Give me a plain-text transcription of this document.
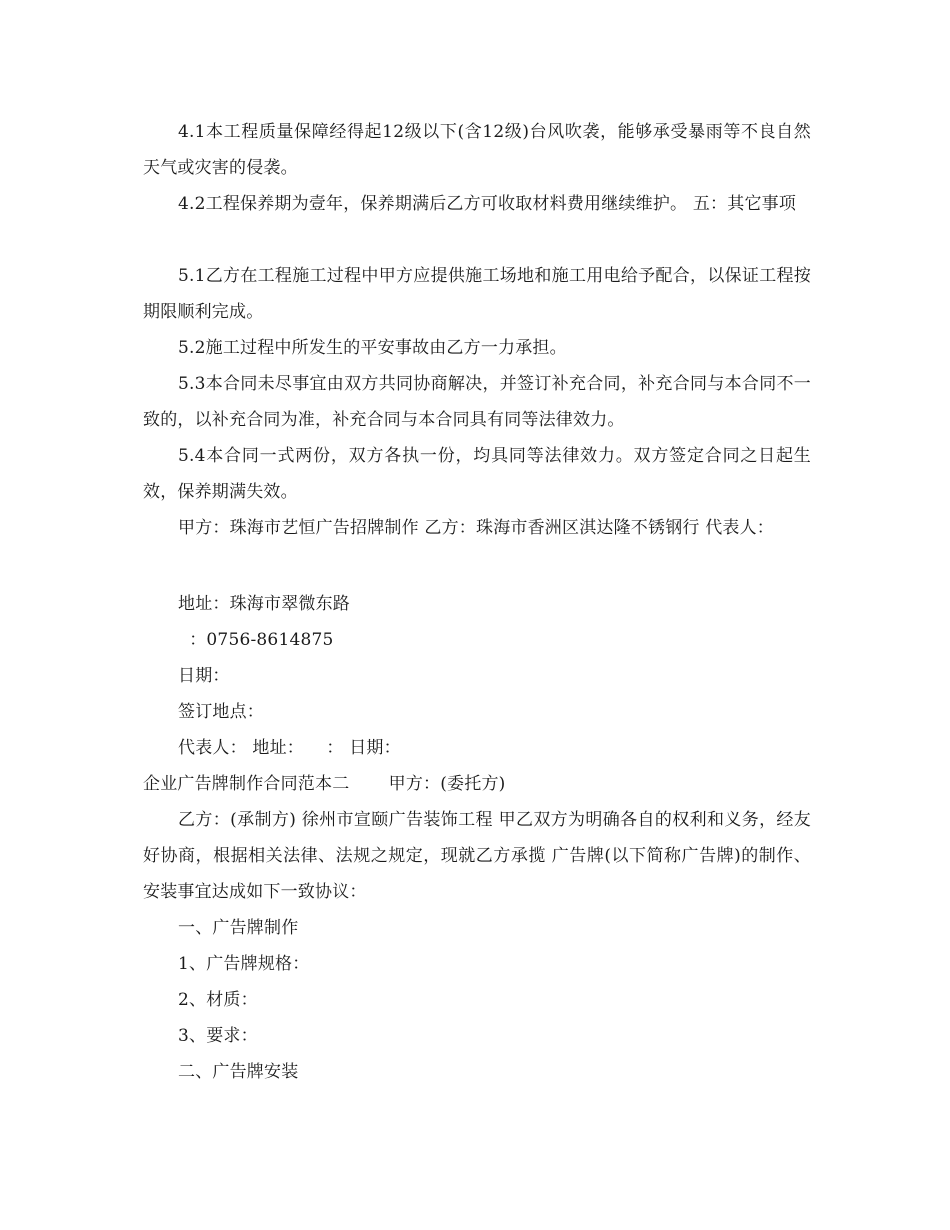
4.1本工程质量保障经得起12级以下(含12级)台风吹袭，能够承受暴雨等不良自然天气或灾害的侵袭。

4.2工程保养期为壹年，保养期满后乙方可收取材料费用继续维护。 五：其它事项

5.1乙方在工程施工过程中甲方应提供施工场地和施工用电给予配合，以保证工程按期限顺利完成。

5.2施工过程中所发生的平安事故由乙方一力承担。

5.3本合同未尽事宜由双方共同协商解决，并签订补充合同，补充合同与本合同不一致的，以补充合同为准，补充合同与本合同具有同等法律效力。

5.4本合同一式两份，双方各执一份，均具同等法律效力。双方签定合同之日起生效，保养期满失效。

甲方：珠海市艺恒广告招牌制作 乙方：珠海市香洲区淇达隆不锈钢行 代表人：

地址：珠海市翠微东路

：0756-8614875

日期：

签订地点：

代表人： 地址：    ： 日期：

企业广告牌制作合同范本二       甲方：(委托方)

乙方：(承制方) 徐州市宣颐广告装饰工程 甲乙双方为明确各自的权利和义务，经友好协商，根据相关法律、法规之规定，现就乙方承揽 广告牌(以下简称广告牌)的制作、安装事宜达成如下一致协议：

一、广告牌制作

1、广告牌规格：

2、材质：

3、要求：

二、广告牌安装
